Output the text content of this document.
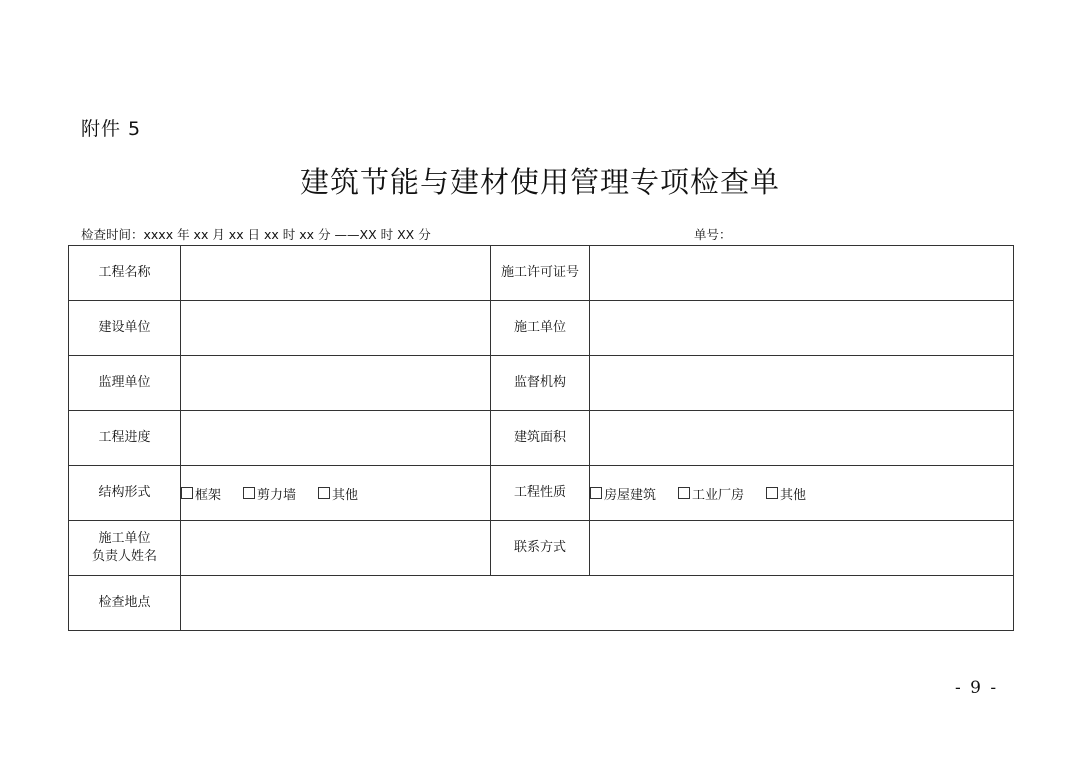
附件 5
建筑节能与建材使用管理专项检查单
检查时间：xxxx 年 xx 月 xx 日 xx 时 xx 分 ——XX 时 XX 分	单号：
工程名称		施工许可证号	
建设单位		施工单位	
监理单位		监督机构	
工程进度		建筑面积	
结构形式	框架 剪力墙 其他	工程性质	房屋建筑 工业厂房 其他

施工单位
负责人姓名		联系方式	
检查地点			
- 9 -
